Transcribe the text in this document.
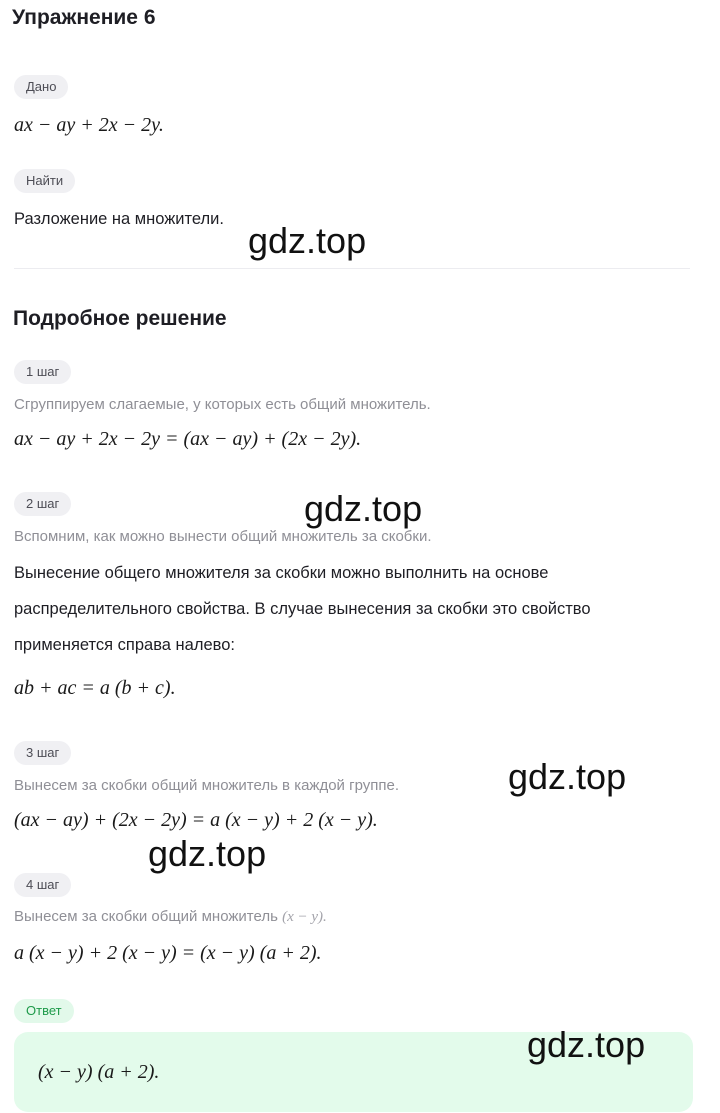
Упражнение 6
Дано
ax − ay + 2x − 2y.
Найти
Разложение на множители.
Подробное решение
1 шаг
Сгруппируем слагаемые, у которых есть общий множитель.
ax − ay + 2x − 2y = (ax − ay) + (2x − 2y).
2 шаг
Вспомним, как можно вынести общий множитель за скобки.
Вынесение общего множителя за скобки можно выполнить на основе
распределительного свойства. В случае вынесения за скобки это свойство
применяется справа налево:
ab + ac = a (b + c).
3 шаг
Вынесем за скобки общий множитель в каждой группе.
(ax − ay) + (2x − 2y) = a (x − y) + 2 (x − y).
4 шаг
Вынесем за скобки общий множитель (x − y).
a (x − y) + 2 (x − y) = (x − y) (a + 2).
Ответ
(x − y) (a + 2).
gdz.top
gdz.top
gdz.top
gdz.top
gdz.top
